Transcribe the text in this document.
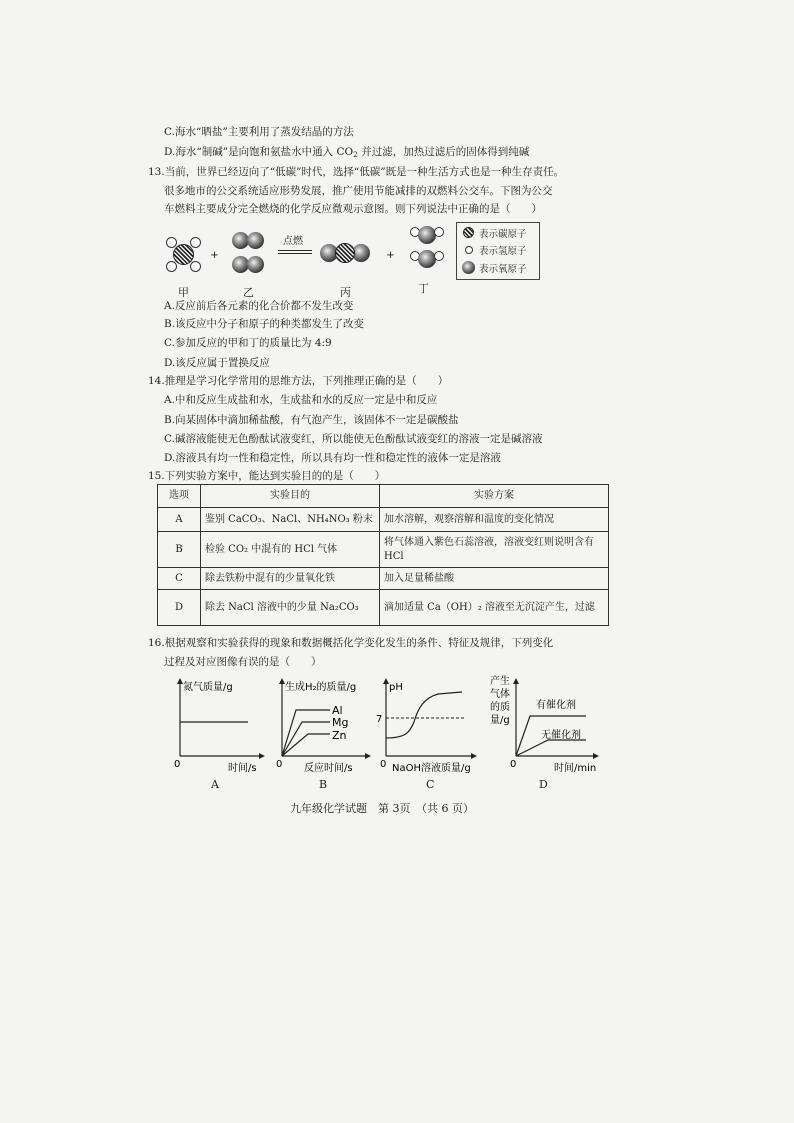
C.海水“晒盐”主要利用了蒸发结晶的方法
D.海水“制碱”是向饱和氨盐水中通入 $CO_2$ 并过滤，加热过滤后的固体得到纯碱
13.当前，世界已经迈向了“低碳”时代，选择“低碳”既是一种生活方式也是一种生存责任。
很多地市的公交系统适应形势发展，推广使用节能减排的双燃料公交车。下图为公交
车燃料主要成分完全燃烧的化学反应微观示意图。则下列说法中正确的是（　　）
+
点燃
+
甲	乙	丙	丁
表示碳原子
表示氢原子
表示氧原子
A.反应前后各元素的化合价都不发生改变
B.该反应中分子和原子的种类都发生了改变
C.参加反应的甲和丁的质量比为 4:9
D.该反应属于置换反应
14.推理是学习化学常用的思维方法，下列推理正确的是（　　）
A.中和反应生成盐和水，生成盐和水的反应一定是中和反应
B.向某固体中滴加稀盐酸，有气泡产生，该固体不一定是碳酸盐
C.碱溶液能使无色酚酞试液变红，所以能使无色酚酞试液变红的溶液一定是碱溶液
D.溶液具有均一性和稳定性，所以具有均一性和稳定性的液体一定是溶液
15.下列实验方案中，能达到实验目的的是（　　）
选项	实验目的	实验方案
A	鉴别 CaCO₃、NaCl、NH₄NO₃ 粉末	加水溶解，观察溶解和温度的变化情况
B	检验 CO₂ 中混有的 HCl 气体	将气体通入紫色石蕊溶液，溶液变红则说明含有 HCl
C	除去铁粉中混有的少量氧化铁	加入足量稀盐酸
D	除去 NaCl 溶液中的少量 Na₂CO₃	滴加适量 Ca（OH）₂ 溶液至无沉淀产生，过滤
16.根据观察和实验获得的现象和数据概括化学变化发生的条件、特征及规律，下列变化
过程及对应图像有误的是（　　）
氮气质量/g
0	时间/s
A
Al
Mg
Zn
生成H₂的质量/g
0 反应时间/s
B
pH
7
0 NaOH溶液质量/g
C
有催化剂
无催化剂
产生
气体
的质
量/g
0	时间/min
D
九年级化学试题　第 3页　（共 6 页）
